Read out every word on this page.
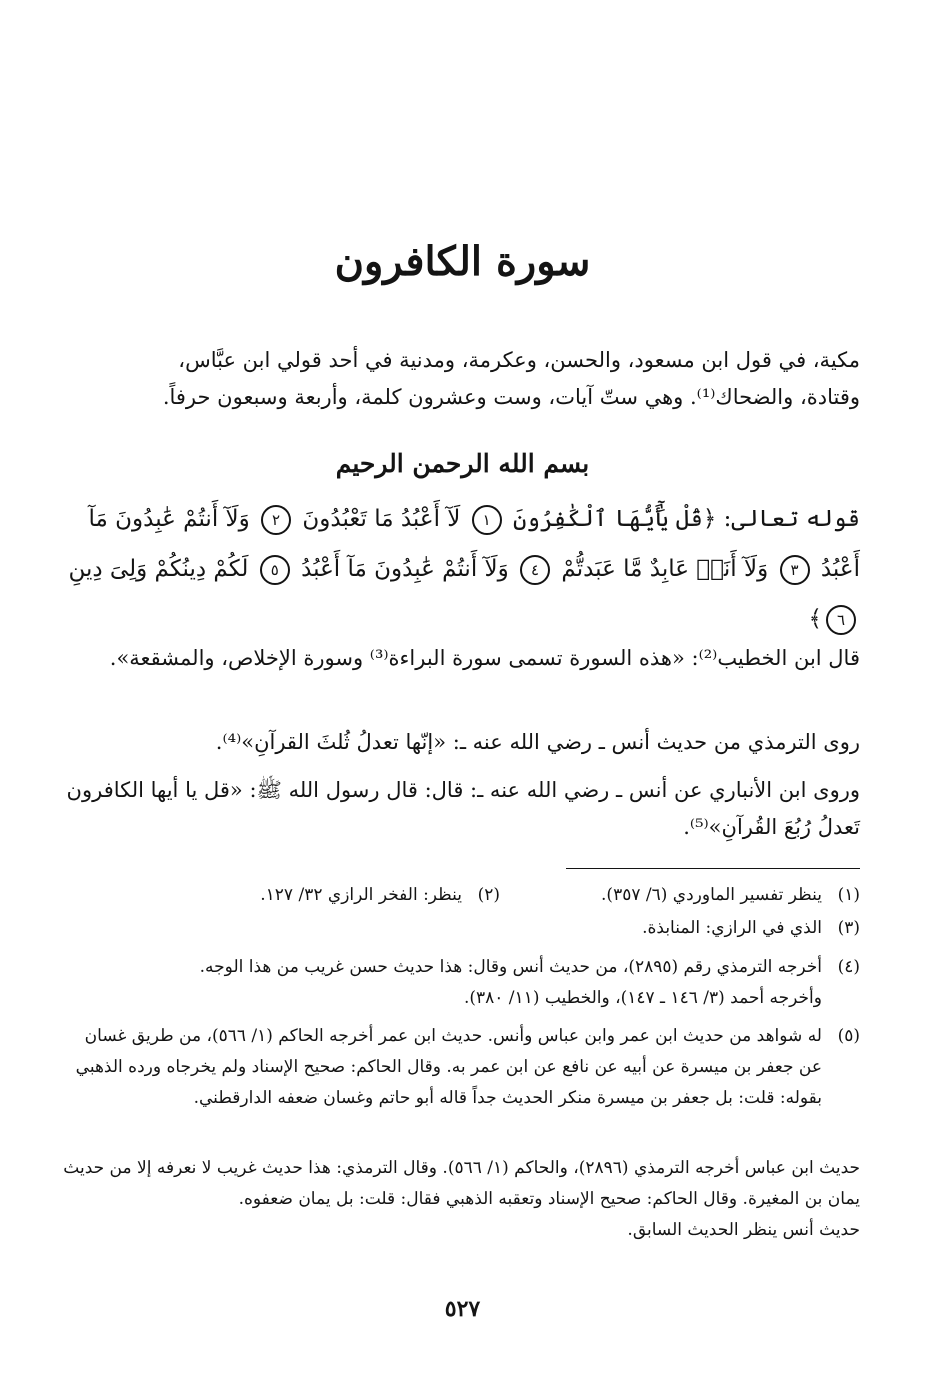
سورة الكافرون

مكية، في قول ابن مسعود، والحسن، وعكرمة، ومدنية في أحد قولي ابن عبَّاس،

وقتادة، والضحاك⁽¹⁾. وهي ستّ آيات، وست وعشرون كلمة، وأربعة وسبعون حرفاً.

بسم الله الرحمن الرحيم
قوله تعالى: ﴿قُلْ يَٰٓأَيُّهَا ٱلْكَٰفِرُونَ ١ لَآ أَعْبُدُ مَا تَعْبُدُونَ ٢ وَلَآ أَنتُمْ عَٰبِدُونَ مَآ أَعْبُدُ ٣ وَلَآ أَنَا۠ عَابِدٌ مَّا عَبَدتُّمْ ٤ وَلَآ أَنتُمْ عَٰبِدُونَ مَآ أَعْبُدُ ٥ لَكُمْ دِينُكُمْ وَلِىَ دِينِ ٦﴾

قال ابن الخطيب⁽²⁾: «هذه السورة تسمى سورة البراءة⁽³⁾ وسورة الإخلاص، والمشقعة».

روى الترمذي من حديث أنس ـ رضي الله عنه ـ: «إنّها تعدلُ ثُلثَ القرآنِ»⁽⁴⁾.

وروى ابن الأنباري عن أنس ـ رضي الله عنه ـ: قال: قال رسول الله ﷺ: «قل يا أيها الكافرون تَعدلُ رُبُعَ القُرآنِ»⁽⁵⁾.

(١)ينظر تفسير الماوردي (٦/ ٣٥٧).
(٢)ينظر: الفخر الرازي ٣٢/ ١٢٧.

(٣)الذي في الرازي: المنابذة.

(٤)أخرجه الترمذي رقم (٢٨٩٥)، من حديث أنس وقال: هذا حديث حسن غريب من هذا الوجه.

وأخرجه أحمد (٣/ ١٤٦ ـ ١٤٧)، والخطيب (١١/ ٣٨٠).

(٥)
له شواهد من حديث ابن عمر وابن عباس وأنس. حديث ابن عمر أخرجه الحاكم (١/ ٥٦٦)، من طريق غسان عن جعفر بن ميسرة عن أبيه عن نافع عن ابن عمر به. وقال الحاكم: صحيح الإسناد ولم يخرجاه ورده الذهبي بقوله: قلت: بل جعفر بن ميسرة منكر الحديث جداً قاله أبو حاتم وغسان ضعفه الدارقطني.

حديث ابن عباس أخرجه الترمذي (٢٨٩٦)، والحاكم (١/ ٥٦٦). وقال الترمذي: هذا حديث غريب لا نعرفه إلا من حديث يمان بن المغيرة. وقال الحاكم: صحيح الإسناد وتعقبه الذهبي فقال: قلت: بل يمان ضعفوه.

حديث أنس ينظر الحديث السابق.

٥٢٧
